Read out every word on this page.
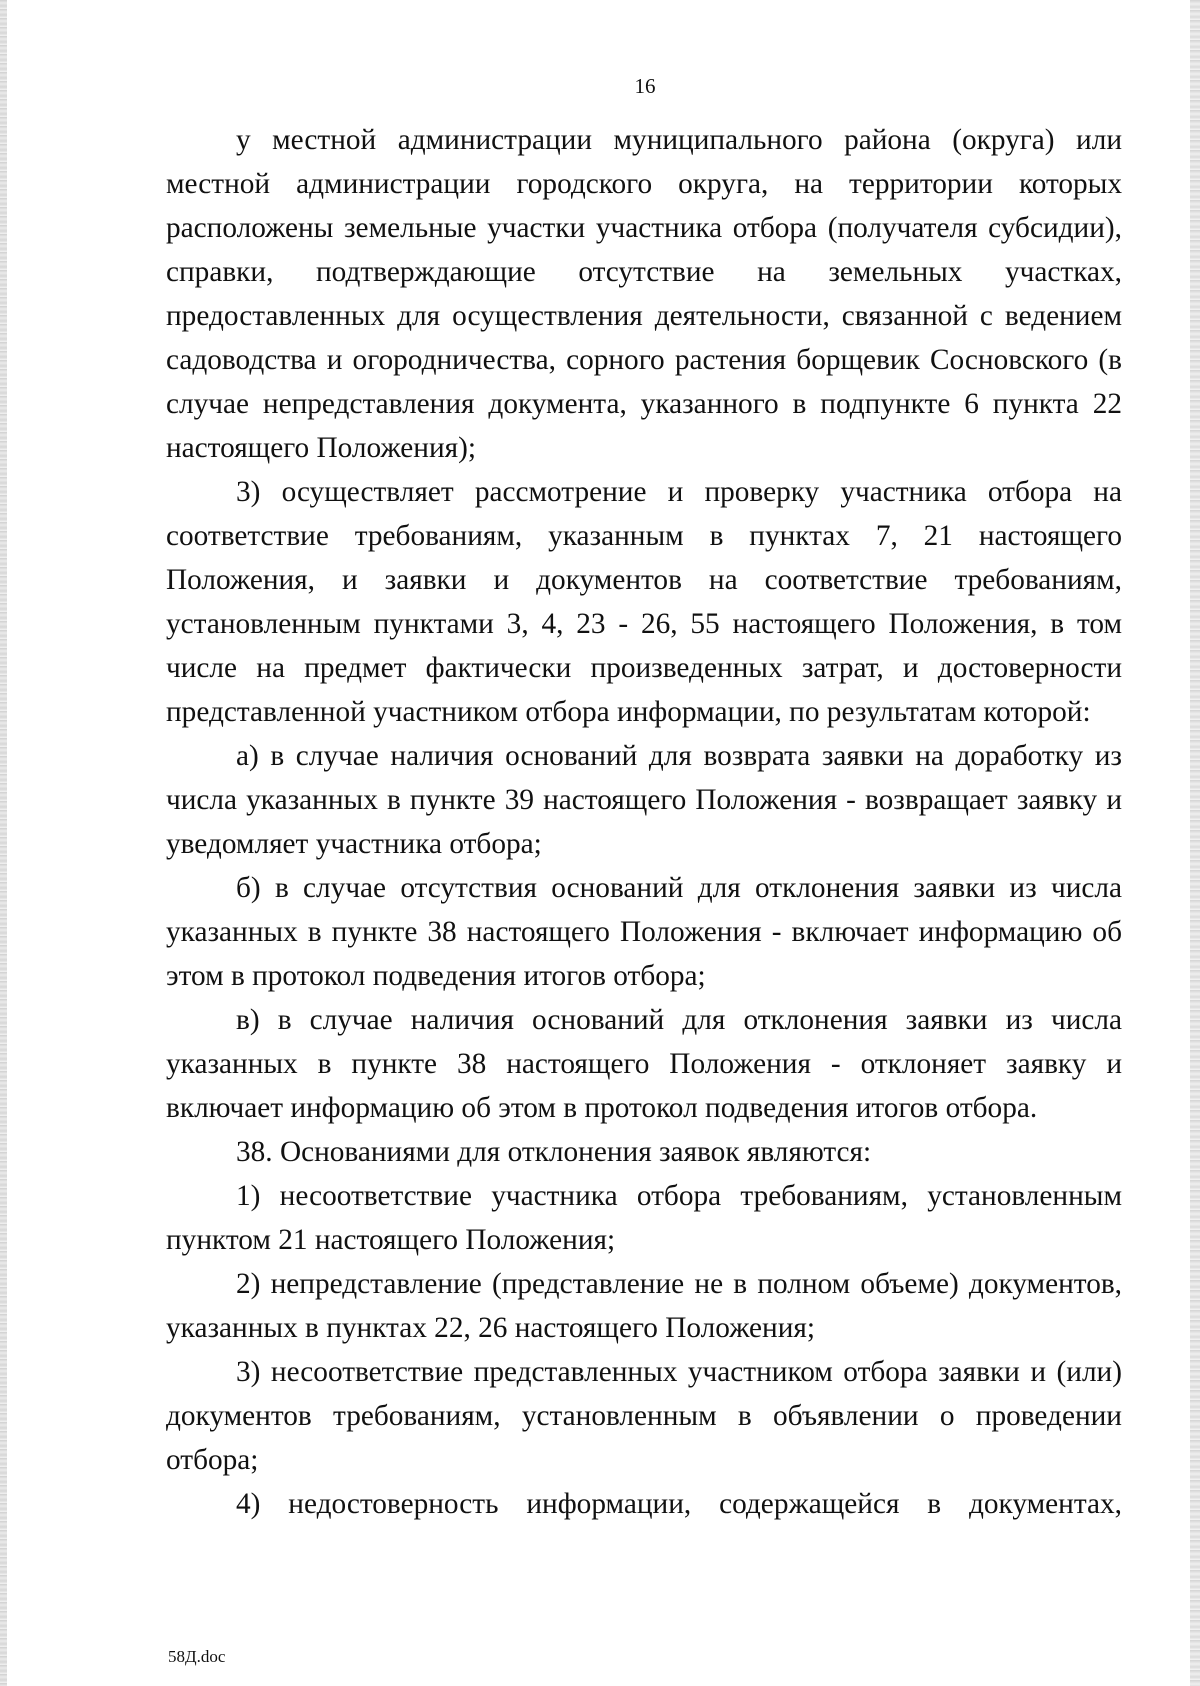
16

у местной администрации муниципального района (округа) или местной администрации городского округа, на территории которых расположены земельные участки участника отбора (получателя субсидии), справки, подтверждающие отсутствие на земельных участках, предоставленных для осуществления деятельности, связанной с ведением садоводства и огородничества, сорного растения борщевик Сосновского (в случае непредставления документа, указанного в подпункте 6 пункта 22 настоящего Положения);

3) осуществляет рассмотрение и проверку участника отбора на соответствие требованиям, указанным в пунктах 7, 21 настоящего Положения, и заявки и документов на соответствие требованиям, установленным пунктами 3, 4, 23 - 26, 55 настоящего Положения, в том числе на предмет фактически произведенных затрат, и достоверности представленной участником отбора информации, по результатам которой:

а) в случае наличия оснований для возврата заявки на доработку из числа указанных в пункте 39 настоящего Положения - возвращает заявку и уведомляет участника отбора;

б) в случае отсутствия оснований для отклонения заявки из числа указанных в пункте 38 настоящего Положения - включает информацию об этом в протокол подведения итогов отбора;

в) в случае наличия оснований для отклонения заявки из числа указанных в пункте 38 настоящего Положения - отклоняет заявку и включает информацию об этом в протокол подведения итогов отбора.

38. Основаниями для отклонения заявок являются:

1) несоответствие участника отбора требованиям, установленным пунктом 21 настоящего Положения;

2) непредставление (представление не в полном объеме) документов, указанных в пунктах 22, 26 настоящего Положения;

3) несоответствие представленных участником отбора заявки и (или) документов требованиям, установленным в объявлении о проведении отбора;

4) недостоверность информации, содержащейся в документах,

58Д.doc
